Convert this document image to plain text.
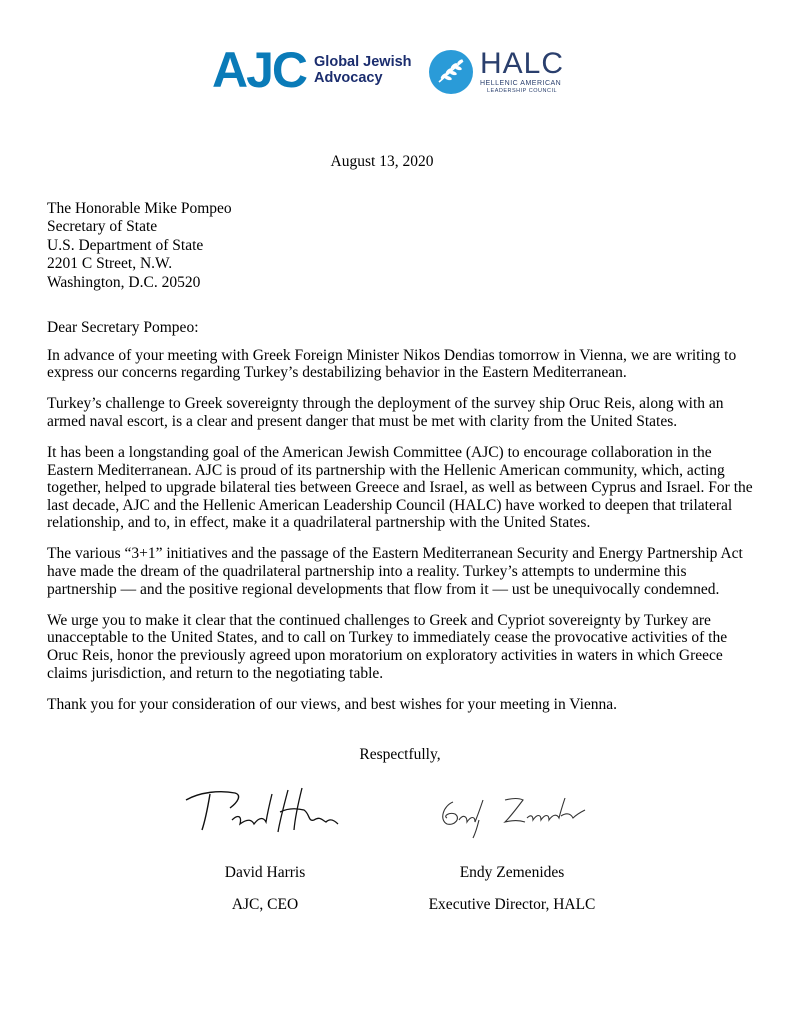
AJC Global Jewish
Advocacy	HALC
HELLENIC AMERICAN
LEADERSHIP COUNCIL
August 13, 2020
The Honorable Mike Pompeo
Secretary of State
U.S. Department of State
2201 C Street, N.W.
Washington, D.C. 20520

Dear Secretary Pompeo:

In advance of your meeting with Greek Foreign Minister Nikos Dendias tomorrow in Vienna, we are writing to express our concerns regarding Turkey’s destabilizing behavior in the Eastern Mediterranean.

Turkey’s challenge to Greek sovereignty through the deployment of the survey ship Oruc Reis, along with an armed naval escort, is a clear and present danger that must be met with clarity from the United States.

It has been a longstanding goal of the American Jewish Committee (AJC) to encourage collaboration in the Eastern Mediterranean. AJC is proud of its partnership with the Hellenic American community, which, acting together, helped to upgrade bilateral ties between Greece and Israel, as well as between Cyprus and Israel. For the last decade, AJC and the Hellenic American Leadership Council (HALC) have worked to deepen that trilateral relationship, and to, in effect, make it a quadrilateral partnership with the United States.

The various “3+1” initiatives and the passage of the Eastern Mediterranean Security and Energy Partnership Act have made the dream of the quadrilateral partnership into a reality. Turkey’s attempts to undermine this partnership — and the positive regional developments that flow from it — ust be unequivocally condemned.

We urge you to make it clear that the continued challenges to Greek and Cypriot sovereignty by Turkey are unacceptable to the United States, and to call on Turkey to immediately cease the provocative activities of the Oruc Reis, honor the previously agreed upon moratorium on exploratory activities in waters in which Greece claims jurisdiction, and return to the negotiating table.

Thank you for your consideration of our views, and best wishes for your meeting in Vienna.

Respectfully,
David Harris
AJC, CEO
Endy Zemenides
Executive Director, HALC
